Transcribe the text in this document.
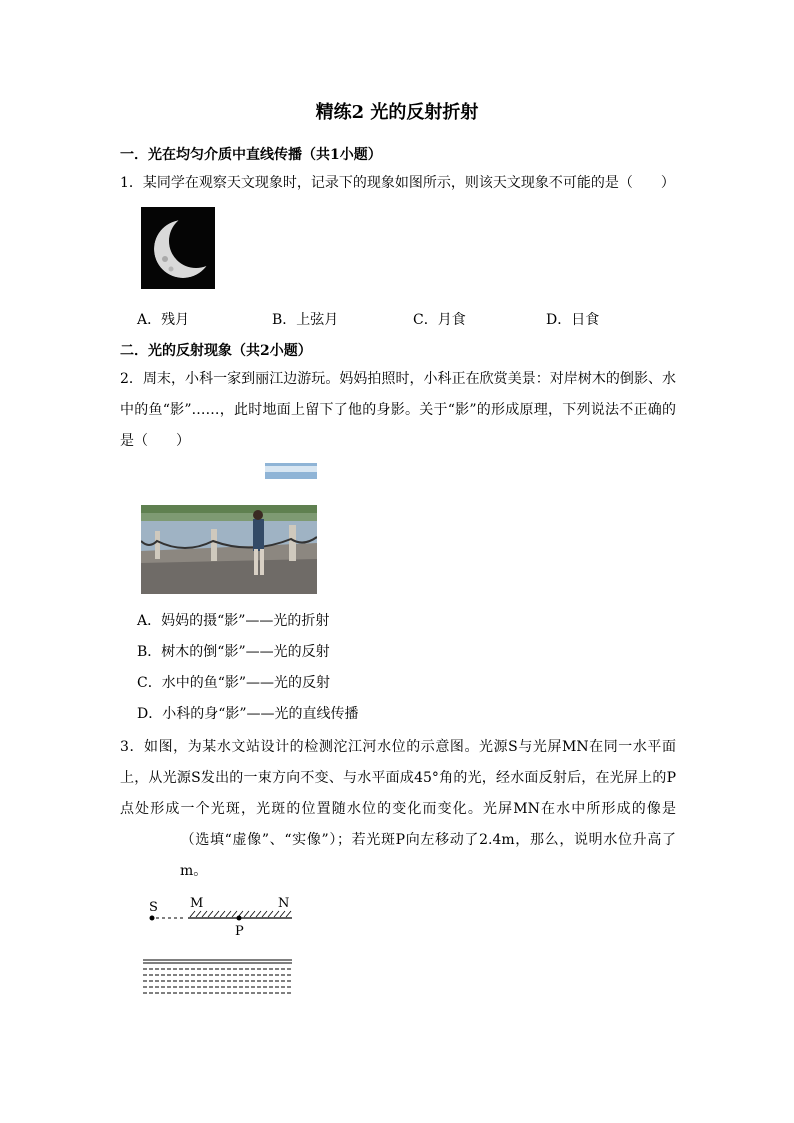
精练2 光的反射折射
一．光在均匀介质中直线传播（共1小题）
1．某同学在观察天文现象时，记录下的现象如图所示，则该天文现象不可能的是（　　）
A．残月	B．上弦月	C．月食	D．日食
二．光的反射现象（共2小题）
2．周末，小科一家到丽江边游玩。妈妈拍照时，小科正在欣赏美景：对岸树木的倒影、水中的鱼“影”……，此时地面上留下了他的身影。关于“影”的形成原理，下列说法不正确的是（　　）
A．妈妈的摄“影”——光的折射
B．树木的倒“影”——光的反射
C．水中的鱼“影”——光的反射
D．小科的身“影”——光的直线传播

3．如图，为某水文站设计的检测沱江河水位的示意图。光源S与光屏MN在同一水平面上，从光源S发出的一束方向不变、与水平面成45°角的光，经水面反射后，在光屏上的P点处形成一个光斑，光斑的位置随水位的变化而变化。光屏MN在水中所形成的像是（选填“虚像”、“实像”）；若光斑P向左移动了2.4m，那么，说明水位升高了m。

S M	N
P
